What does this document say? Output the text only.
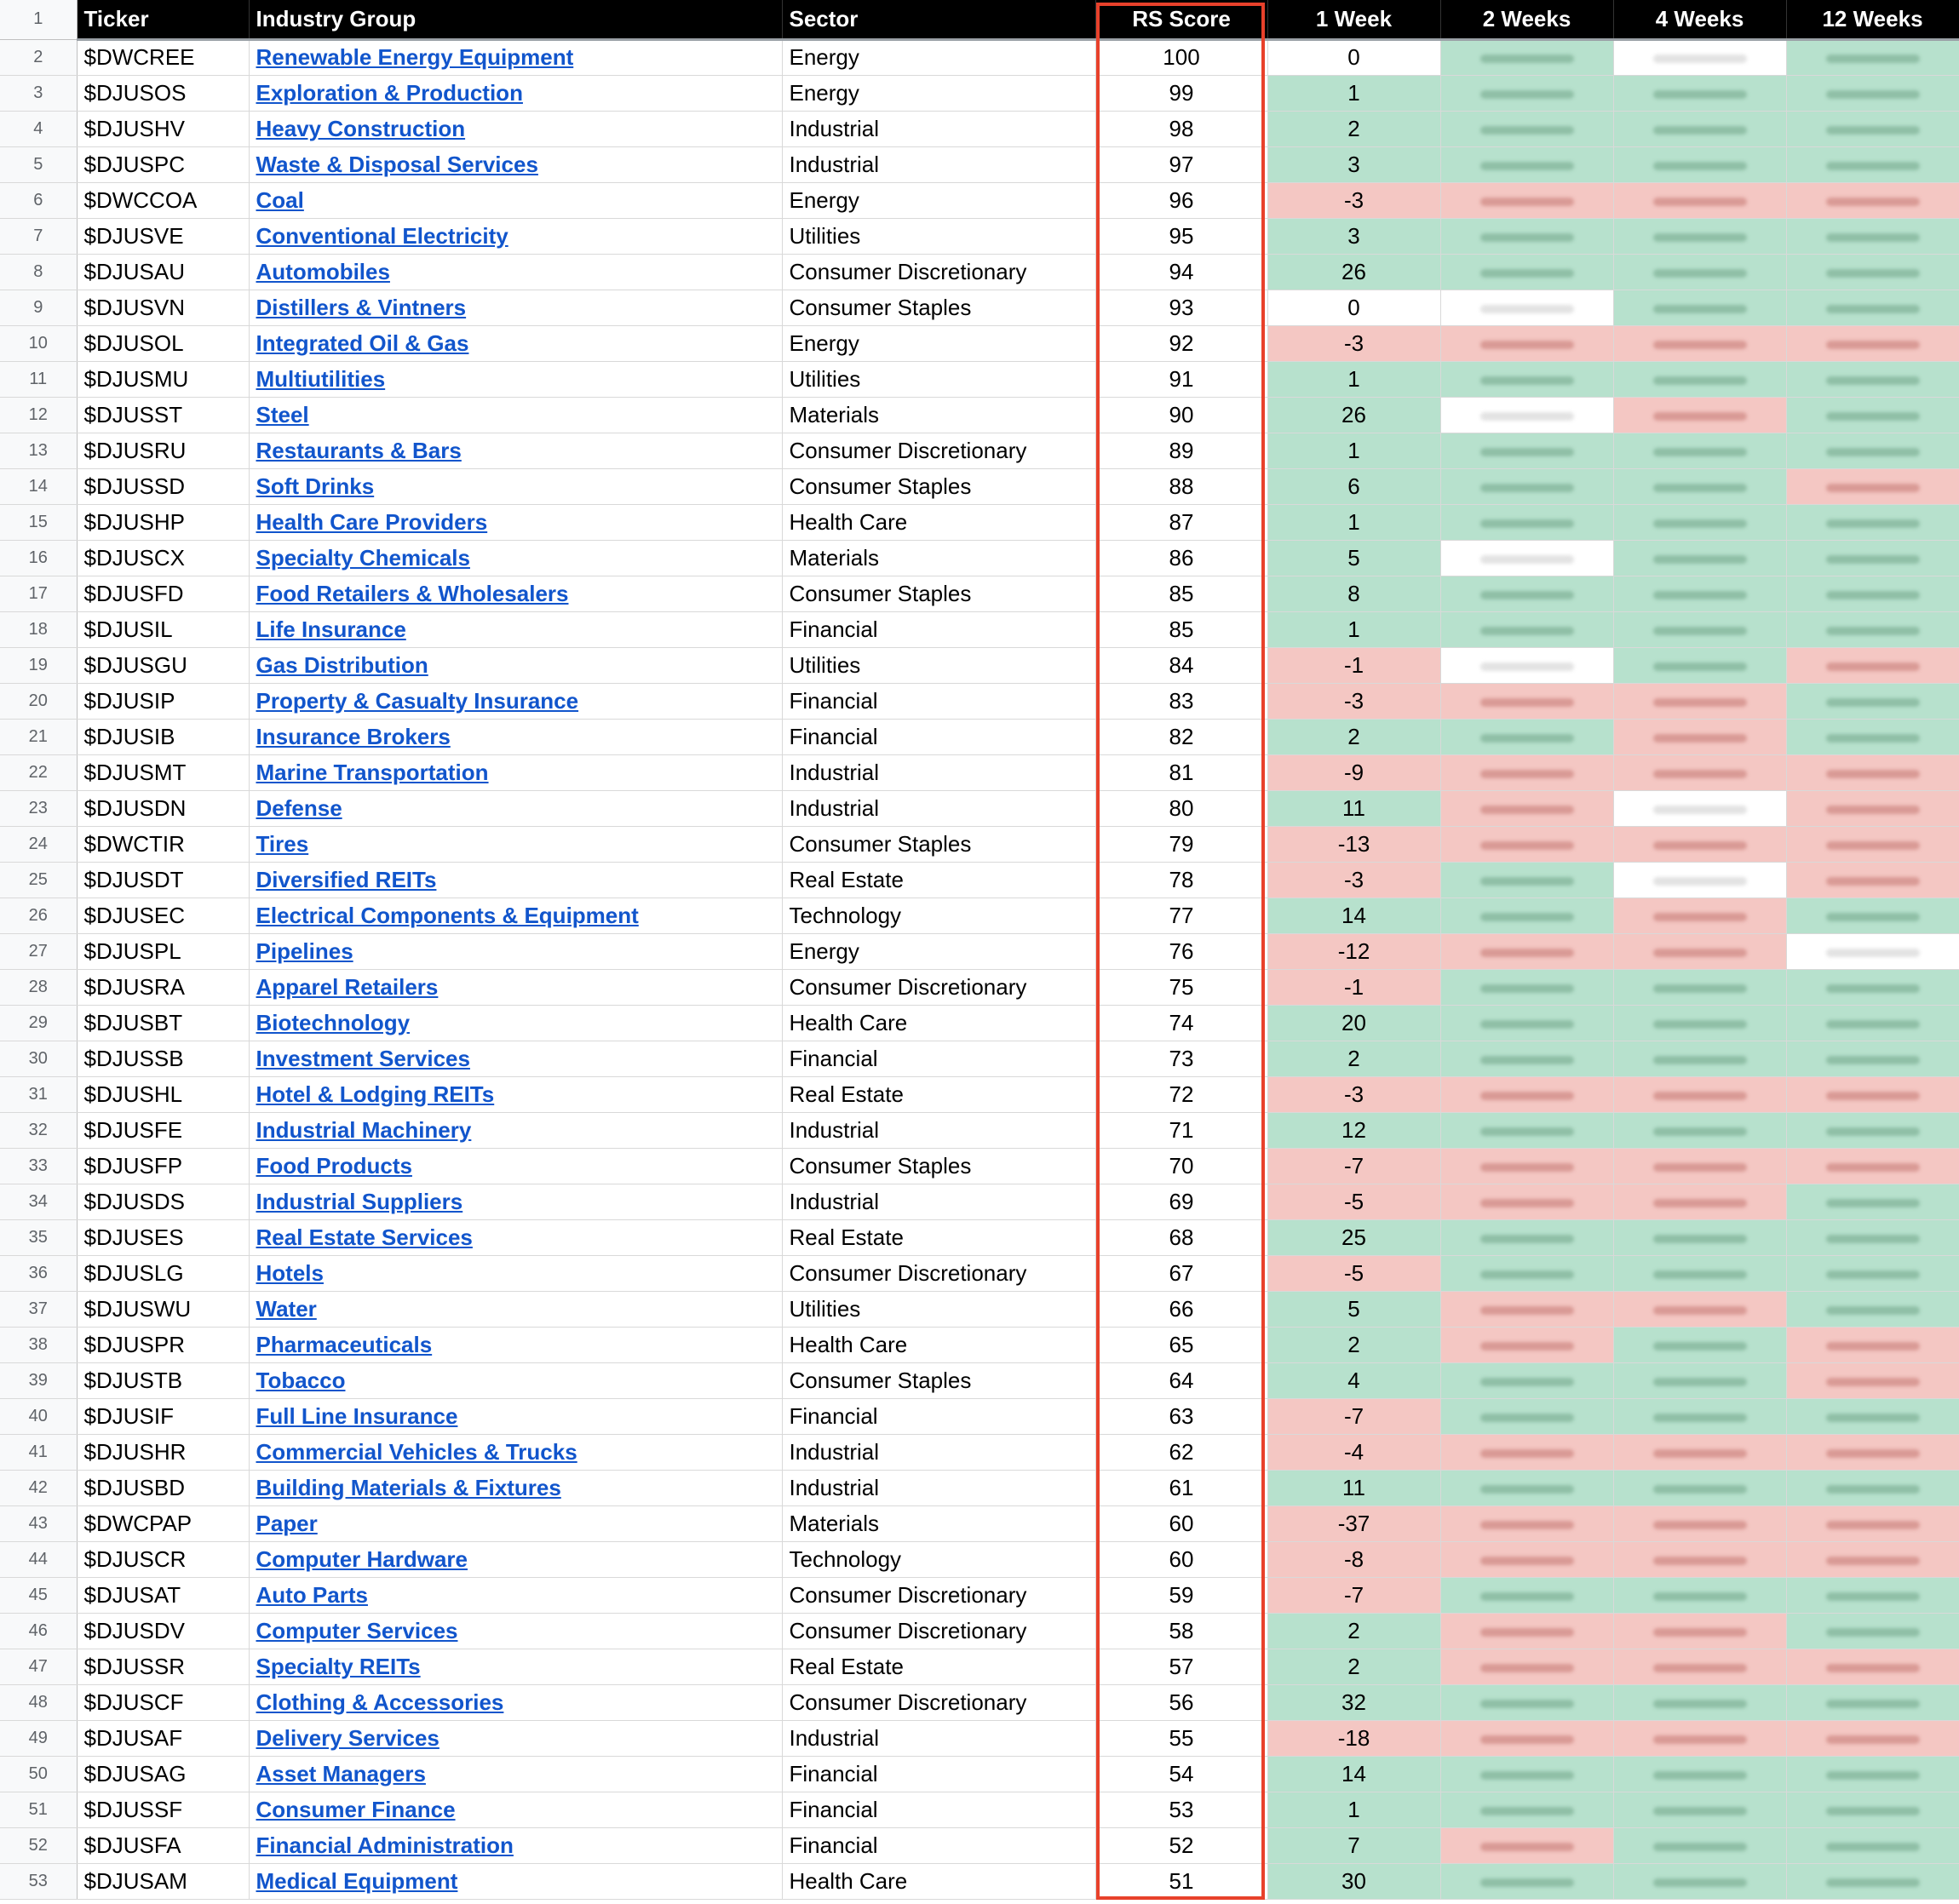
1	Ticker	Industry Group	Sector	RS Score	1 Week	2 Weeks	4 Weeks	12 Weeks
2	$DWCREE	Renewable Energy Equipment	Energy	100	0			
3	$DJUSOS	Exploration & Production	Energy	99	1			
4	$DJUSHV	Heavy Construction	Industrial	98	2			
5	$DJUSPC	Waste & Disposal Services	Industrial	97	3			
6	$DWCCOA	Coal	Energy	96	-3			
7	$DJUSVE	Conventional Electricity	Utilities	95	3			
8	$DJUSAU	Automobiles	Consumer Discretionary	94	26			
9	$DJUSVN	Distillers & Vintners	Consumer Staples	93	0			
10	$DJUSOL	Integrated Oil & Gas	Energy	92	-3			
11	$DJUSMU	Multiutilities	Utilities	91	1			
12	$DJUSST	Steel	Materials	90	26			
13	$DJUSRU	Restaurants & Bars	Consumer Discretionary	89	1			
14	$DJUSSD	Soft Drinks	Consumer Staples	88	6			
15	$DJUSHP	Health Care Providers	Health Care	87	1			
16	$DJUSCX	Specialty Chemicals	Materials	86	5			
17	$DJUSFD	Food Retailers & Wholesalers	Consumer Staples	85	8			
18	$DJUSIL	Life Insurance	Financial	85	1			
19	$DJUSGU	Gas Distribution	Utilities	84	-1			
20	$DJUSIP	Property & Casualty Insurance	Financial	83	-3			
21	$DJUSIB	Insurance Brokers	Financial	82	2			
22	$DJUSMT	Marine Transportation	Industrial	81	-9			
23	$DJUSDN	Defense	Industrial	80	11			
24	$DWCTIR	Tires	Consumer Staples	79	-13			
25	$DJUSDT	Diversified REITs	Real Estate	78	-3			
26	$DJUSEC	Electrical Components & Equipment	Technology	77	14			
27	$DJUSPL	Pipelines	Energy	76	-12			
28	$DJUSRA	Apparel Retailers	Consumer Discretionary	75	-1			
29	$DJUSBT	Biotechnology	Health Care	74	20			
30	$DJUSSB	Investment Services	Financial	73	2			
31	$DJUSHL	Hotel & Lodging REITs	Real Estate	72	-3			
32	$DJUSFE	Industrial Machinery	Industrial	71	12			
33	$DJUSFP	Food Products	Consumer Staples	70	-7			
34	$DJUSDS	Industrial Suppliers	Industrial	69	-5			
35	$DJUSES	Real Estate Services	Real Estate	68	25			
36	$DJUSLG	Hotels	Consumer Discretionary	67	-5			
37	$DJUSWU	Water	Utilities	66	5			
38	$DJUSPR	Pharmaceuticals	Health Care	65	2			
39	$DJUSTB	Tobacco	Consumer Staples	64	4			
40	$DJUSIF	Full Line Insurance	Financial	63	-7			
41	$DJUSHR	Commercial Vehicles & Trucks	Industrial	62	-4			
42	$DJUSBD	Building Materials & Fixtures	Industrial	61	11			
43	$DWCPAP	Paper	Materials	60	-37			
44	$DJUSCR	Computer Hardware	Technology	60	-8			
45	$DJUSAT	Auto Parts	Consumer Discretionary	59	-7			
46	$DJUSDV	Computer Services	Consumer Discretionary	58	2			
47	$DJUSSR	Specialty REITs	Real Estate	57	2			
48	$DJUSCF	Clothing & Accessories	Consumer Discretionary	56	32			
49	$DJUSAF	Delivery Services	Industrial	55	-18			
50	$DJUSAG	Asset Managers	Financial	54	14			
51	$DJUSSF	Consumer Finance	Financial	53	1			
52	$DJUSFA	Financial Administration	Financial	52	7			
53	$DJUSAM	Medical Equipment	Health Care	51	30			
